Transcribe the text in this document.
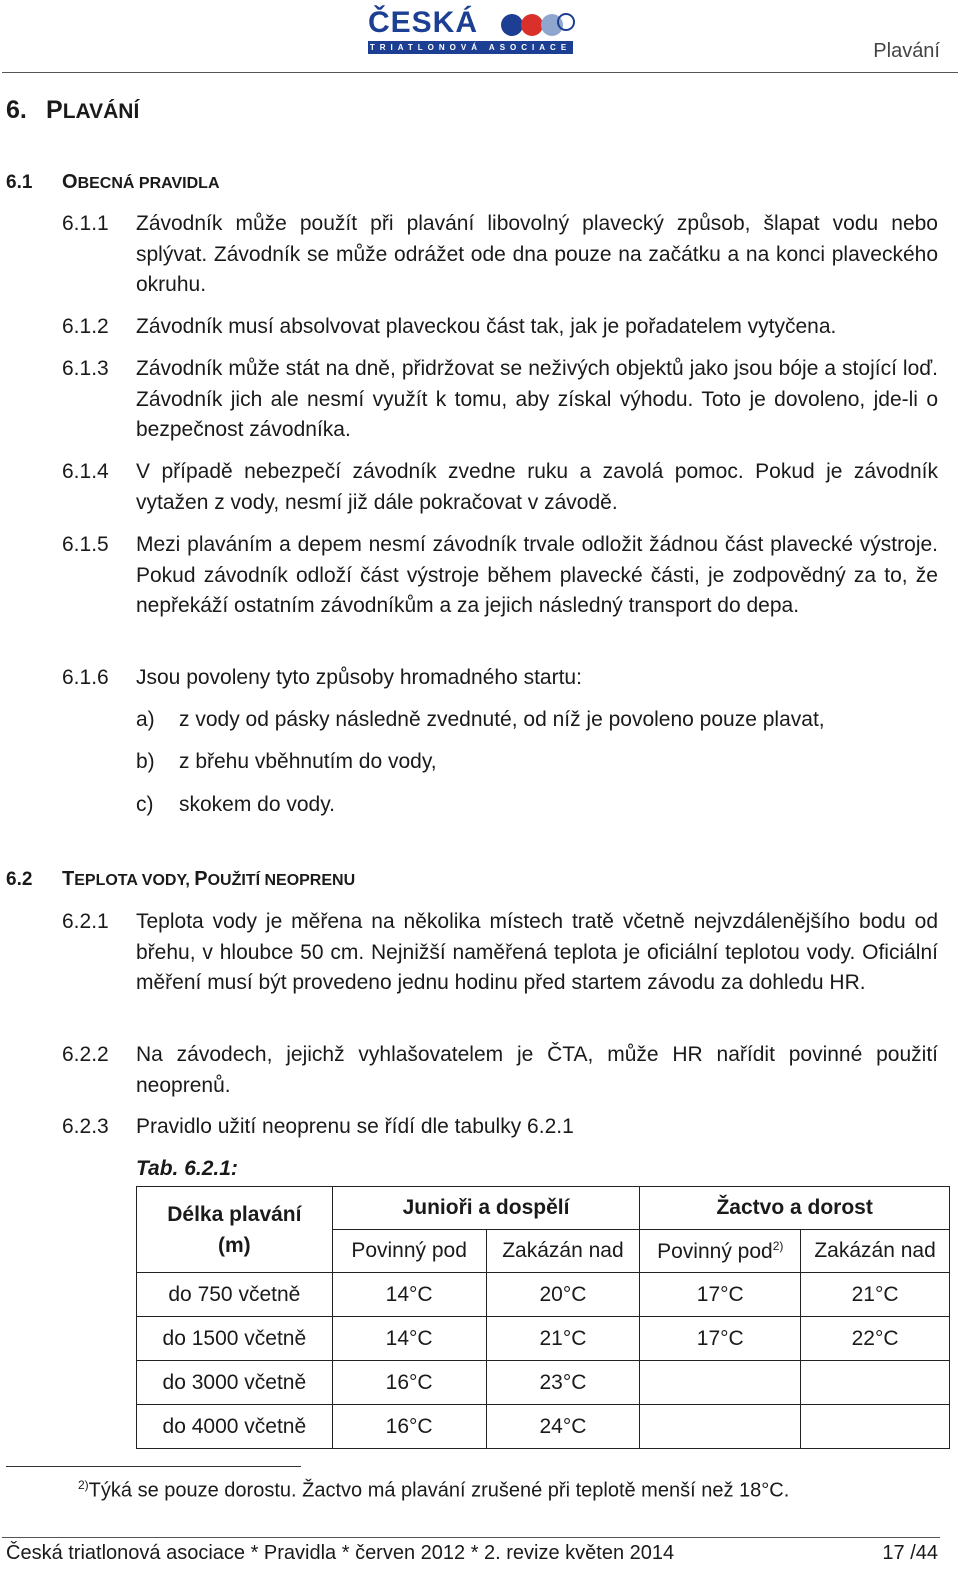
ČESKÁ
TRIATLONOVÁ ASOCIACE	Plavání
6. PLAVÁNÍ
6.1 OBECNÁ PRAVIDLA
6.1.1 Závodník může použít při plavání libovolný plavecký způsob, šlapat vodu nebo splývat. Závodník se může odrážet ode dna pouze na začátku a na konci plaveckého okruhu.
6.1.2 Závodník musí absolvovat plaveckou část tak, jak je pořadatelem vytyčena.
6.1.3 Závodník může stát na dně, přidržovat se neživých objektů jako jsou bóje a stojící loď. Závodník jich ale nesmí využít k tomu, aby získal výhodu. Toto je dovoleno, jde-li o bezpečnost závodníka.
6.1.4 V případě nebezpečí závodník zvedne ruku a zavolá pomoc. Pokud je závodník vytažen z vody, nesmí již dále pokračovat v závodě.
6.1.5 Mezi plaváním a depem nesmí závodník trvale odložit žádnou část plavecké výstroje. Pokud závodník odloží část výstroje během plavecké části, je zodpovědný za to, že nepřekáží ostatním závodníkům a za jejich následný transport do depa.
6.1.6 Jsou povoleny tyto způsoby hromadného startu:
a) z vody od pásky následně zvednuté, od níž je povoleno pouze plavat,
b) z břehu vběhnutím do vody,
c) skokem do vody.
6.2 TEPLOTA VODY, POUŽITÍ NEOPRENU
6.2.1 Teplota vody je měřena na několika místech tratě včetně nejvzdálenějšího bodu od břehu, v hloubce 50 cm. Nejnižší naměřená teplota je oficiální teplotou vody. Oficiální měření musí být provedeno jednu hodinu před startem závodu za dohledu HR.
6.2.2 Na závodech, jejichž vyhlašovatelem je ČTA, může HR nařídit povinné použití neoprenů.
6.2.3 Pravidlo užití neoprenu se řídí dle tabulky 6.2.1
Tab. 6.2.1:
Délka plavání
(m)	Junioři a dospělí		Žactvo a dorost	
	Povinný pod	Zakázán nad	Povinný pod$^{2)}$	Zakázán nad
do 750 včetně	14°C	20°C	17°C	21°C
do 1500 včetně	14°C	21°C	17°C	22°C
do 3000 včetně	16°C	23°C		
do 4000 včetně	16°C	24°C		
$^{2)}$Týká se pouze dorostu. Žactvo má plavání zrušené při teplotě menší než 18°C.
Česká triatlonová asociace * Pravidla * červen 2012 * 2. revize květen 2014	17 /44
